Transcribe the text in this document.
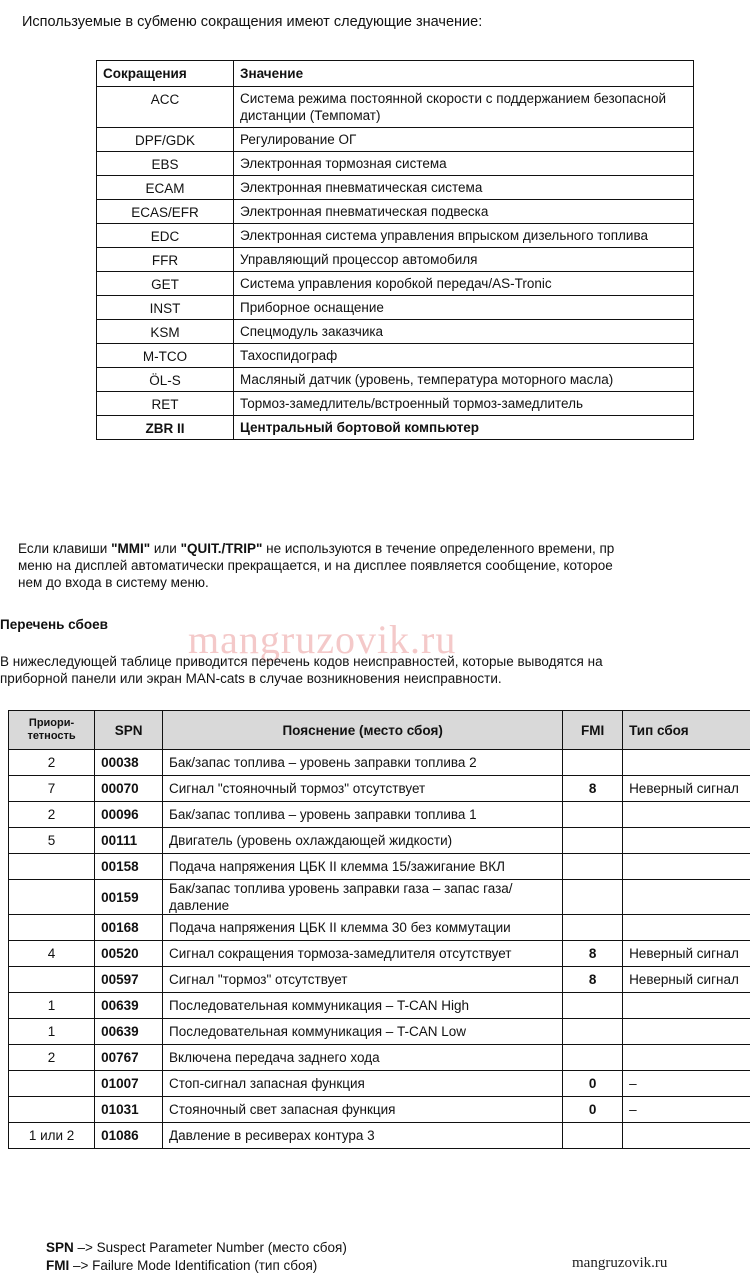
Используемые в субменю сокращения имеют следующие значение:
Сокращения	Значение
ACC	Система режима постоянной скорости с поддержанием безопасной дистанции (Темпомат)
DPF/GDK	Регулирование ОГ
EBS	Электронная тормозная система
ECAM	Электронная пневматическая система
ECAS/EFR	Электронная пневматическая подвеска
EDC	Электронная система управления впрыском дизельного топлива
FFR	Управляющий процессор автомобиля
GET	Система управления коробкой передач/AS-Tronic
INST	Приборное оснащение
KSM	Спецмодуль заказчика
M-TCO	Тахоспидограф
ÖL-S	Масляный датчик (уровень, температура моторного масла)
RET	Тормоз-замедлитель/встроенный тормоз-замедлитель
ZBR II	Центральный бортовой компьютер
Если клавиши "MMI" или "QUIT./TRIP" не используются в течение определенного времени, пр
меню на дисплей автоматически прекращается, и на дисплее появляется сообщение, которое
нем до входа в систему меню.
Перечень сбоев mangruzovik.ru
В нижеследующей таблице приводится перечень кодов неисправностей, которые выводятся на
приборной панели или экран MAN-cats в случае возникновения неисправности.
Приори-тетность	SPN	Пояснение (место сбоя)	FMI	Тип сбоя
2	00038	Бак/запас топлива – уровень заправки топлива 2		
7	00070	Сигнал "стояночный тормоз" отсутствует	8	Неверный сигнал
2	00096	Бак/запас топлива – уровень заправки топлива 1		
5	00111	Двигатель (уровень охлаждающей жидкости)		
	00158	Подача напряжения ЦБК II клемма 15/зажигание ВКЛ		
	00159	Бак/запас топлива уровень заправки газа – запас газа/давление		
	00168	Подача напряжения ЦБК II клемма 30 без коммутации		
4	00520	Сигнал сокращения тормоза-замедлителя отсутствует	8	Неверный сигнал
	00597	Сигнал "тормоз" отсутствует	8	Неверный сигнал
1	00639	Последовательная коммуникация – T-CAN High		
1	00639	Последовательная коммуникация – T-CAN Low		
2	00767	Включена передача заднего хода		
	01007	Стоп-сигнал запасная функция	0	–
	01031	Стояночный свет запасная функция	0	–
1 или 2	01086	Давление в ресиверах контура 3		
SPN –> Suspect Parameter Number (место сбоя)
FMI –> Failure Mode Identification (тип сбоя)	mangruzovik.ru
